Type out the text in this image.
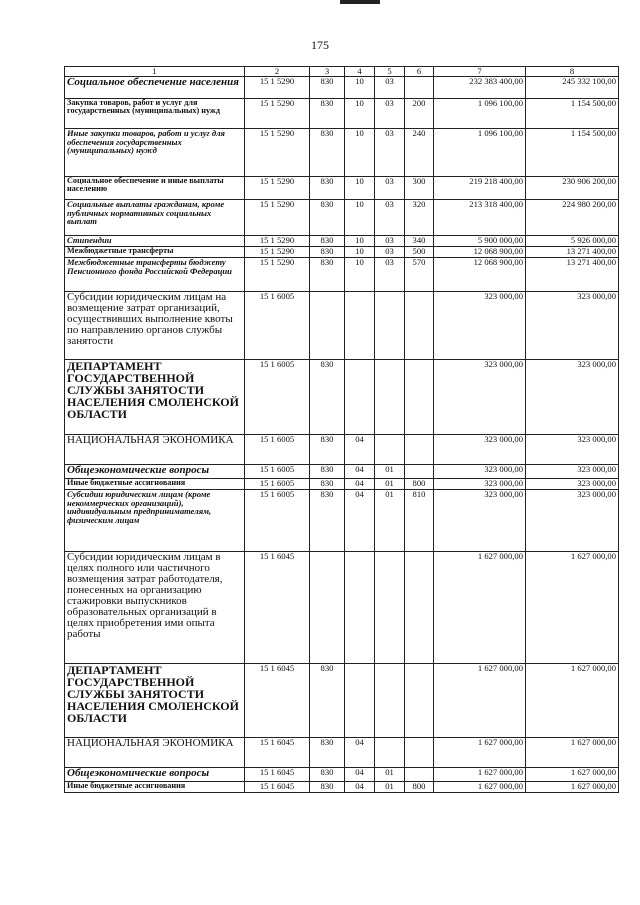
175
1	2	3	4	5	6	7	8
Социальное обеспечение населения	15 1 5290	830	10	03		232 383 400,00	245 332 100,00
Закупка товаров, работ и услуг для государственных (муниципальных) нужд	15 1 5290	830	10	03	200	1 096 100,00	1 154 500,00
Иные закупки товаров, работ и услуг для обеспечения государственных (муниципальных) нужд	15 1 5290	830	10	03	240	1 096 100,00	1 154 500,00
Социальное обеспечение и иные выплаты населению	15 1 5290	830	10	03	300	219 218 400,00	230 906 200,00
Социальные выплаты гражданам, кроме публичных нормативных социальных выплат	15 1 5290	830	10	03	320	213 318 400,00	224 980 200,00
Стипендии	15 1 5290	830	10	03	340	5 900 000,00	5 926 000,00
Межбюджетные трансферты	15 1 5290	830	10	03	500	12 068 900,00	13 271 400,00
Межбюджетные трансферты бюджету Пенсионного фонда Российской Федерации	15 1 5290	830	10	03	570	12 068 900,00	13 271 400,00
Субсидии юридическим лицам на возмещение затрат организаций, осуществивших выполнение квоты по направлению органов службы занятости	15 1 6005					323 000,00	323 000,00
ДЕПАРТАМЕНТ ГОСУДАРСТВЕННОЙ СЛУЖБЫ ЗАНЯТОСТИ НАСЕЛЕНИЯ СМОЛЕНСКОЙ ОБЛАСТИ	15 1 6005	830				323 000,00	323 000,00
НАЦИОНАЛЬНАЯ ЭКОНОМИКА	15 1 6005	830	04			323 000,00	323 000,00
Общеэкономические вопросы	15 1 6005	830	04	01		323 000,00	323 000,00
Иные бюджетные ассигнования	15 1 6005	830	04	01	800	323 000,00	323 000,00
Субсидии юридическим лицам (кроме некоммерческих организаций), индивидуальным предпринимателям, физическим лицам	15 1 6005	830	04	01	810	323 000,00	323 000,00
Субсидии юридическим лицам в целях полного или частичного возмещения затрат работодателя, понесенных на организацию стажировки выпускников образовательных организаций в целях приобретения ими опыта работы	15 1 6045					1 627 000,00	1 627 000,00
ДЕПАРТАМЕНТ ГОСУДАРСТВЕННОЙ СЛУЖБЫ ЗАНЯТОСТИ НАСЕЛЕНИЯ СМОЛЕНСКОЙ ОБЛАСТИ	15 1 6045	830				1 627 000,00	1 627 000,00
НАЦИОНАЛЬНАЯ ЭКОНОМИКА	15 1 6045	830	04			1 627 000,00	1 627 000,00
Общеэкономические вопросы	15 1 6045	830	04	01		1 627 000,00	1 627 000,00
Иные бюджетные ассигнования	15 1 6045	830	04	01	800	1 627 000,00	1 627 000,00
